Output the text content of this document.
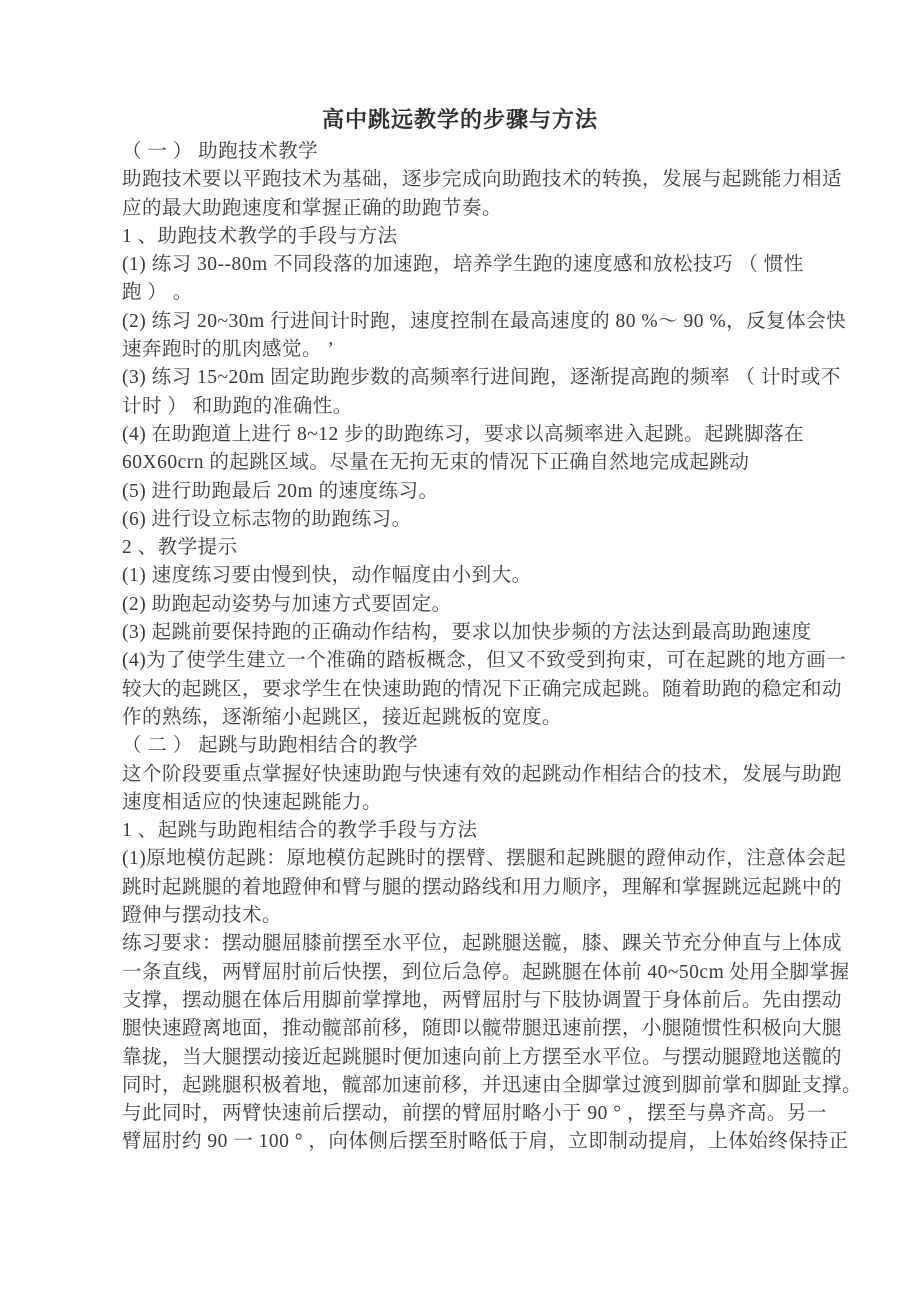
高中跳远教学的步骤与方法
（ 一 ） 助跑技术教学
助跑技术要以平跑技术为基础，逐步完成向助跑技术的转换，发展与起跳能力相适
应的最大助跑速度和掌握正确的助跑节奏。
1 、助跑技术教学的手段与方法
(1) 练习 30--80m 不同段落的加速跑，培养学生跑的速度感和放松技巧 （ 惯性
跑 ） 。
(2) 练习 20~30m 行进间计时跑，速度控制在最高速度的 80 %～ 90 %，反复体会快
速奔跑时的肌肉感觉。 ’
(3) 练习 15~20m 固定助跑步数的高频率行进间跑，逐渐提高跑的频率 （ 计时或不
计时 ） 和助跑的准确性。
(4) 在助跑道上进行 8~12 步的助跑练习，要求以高频率进入起跳。起跳脚落在
60X60crn 的起跳区域。尽量在无拘无束的情况下正确自然地完成起跳动
(5) 进行助跑最后 20m 的速度练习。
(6) 进行设立标志物的助跑练习。
2 、教学提示
(1) 速度练习要由慢到快，动作幅度由小到大。
(2) 助跑起动姿势与加速方式要固定。
(3) 起跳前要保持跑的正确动作结构，要求以加快步频的方法达到最高助跑速度
(4)为了使学生建立一个准确的踏板概念，但又不致受到拘束，可在起跳的地方画一
较大的起跳区，要求学生在快速助跑的情况下正确完成起跳。随着助跑的稳定和动
作的熟练，逐渐缩小起跳区，接近起跳板的宽度。
（ 二 ） 起跳与助跑相结合的教学
这个阶段要重点掌握好快速助跑与快速有效的起跳动作相结合的技术，发展与助跑
速度相适应的快速起跳能力。
1 、起跳与助跑相结合的教学手段与方法
(1)原地模仿起跳：原地模仿起跳时的摆臂、摆腿和起跳腿的蹬伸动作，注意体会起
跳时起跳腿的着地蹬伸和臂与腿的摆动路线和用力顺序，理解和掌握跳远起跳中的
蹬伸与摆动技术。
练习要求：摆动腿屈膝前摆至水平位，起跳腿送髋，膝、踝关节充分伸直与上体成
一条直线，两臂屈肘前后快摆，到位后急停。起跳腿在体前 40~50cm 处用全脚掌握
支撑，摆动腿在体后用脚前掌撑地，两臂屈肘与下肢协调置于身体前后。先由摆动
腿快速蹬离地面，推动髋部前移，随即以髋带腿迅速前摆，小腿随惯性积极向大腿
靠拢，当大腿摆动接近起跳腿时便加速向前上方摆至水平位。与摆动腿蹬地送髋的
同时，起跳腿积极着地，髋部加速前移，并迅速由全脚掌过渡到脚前掌和脚趾支撑。
与此同时，两臂快速前后摆动，前摆的臂屈肘略小于 90 ° ，摆至与鼻齐高。另一
臂屈肘约 90 一 100 ° ，向体侧后摆至肘略低于肩，立即制动提肩，上体始终保持正
